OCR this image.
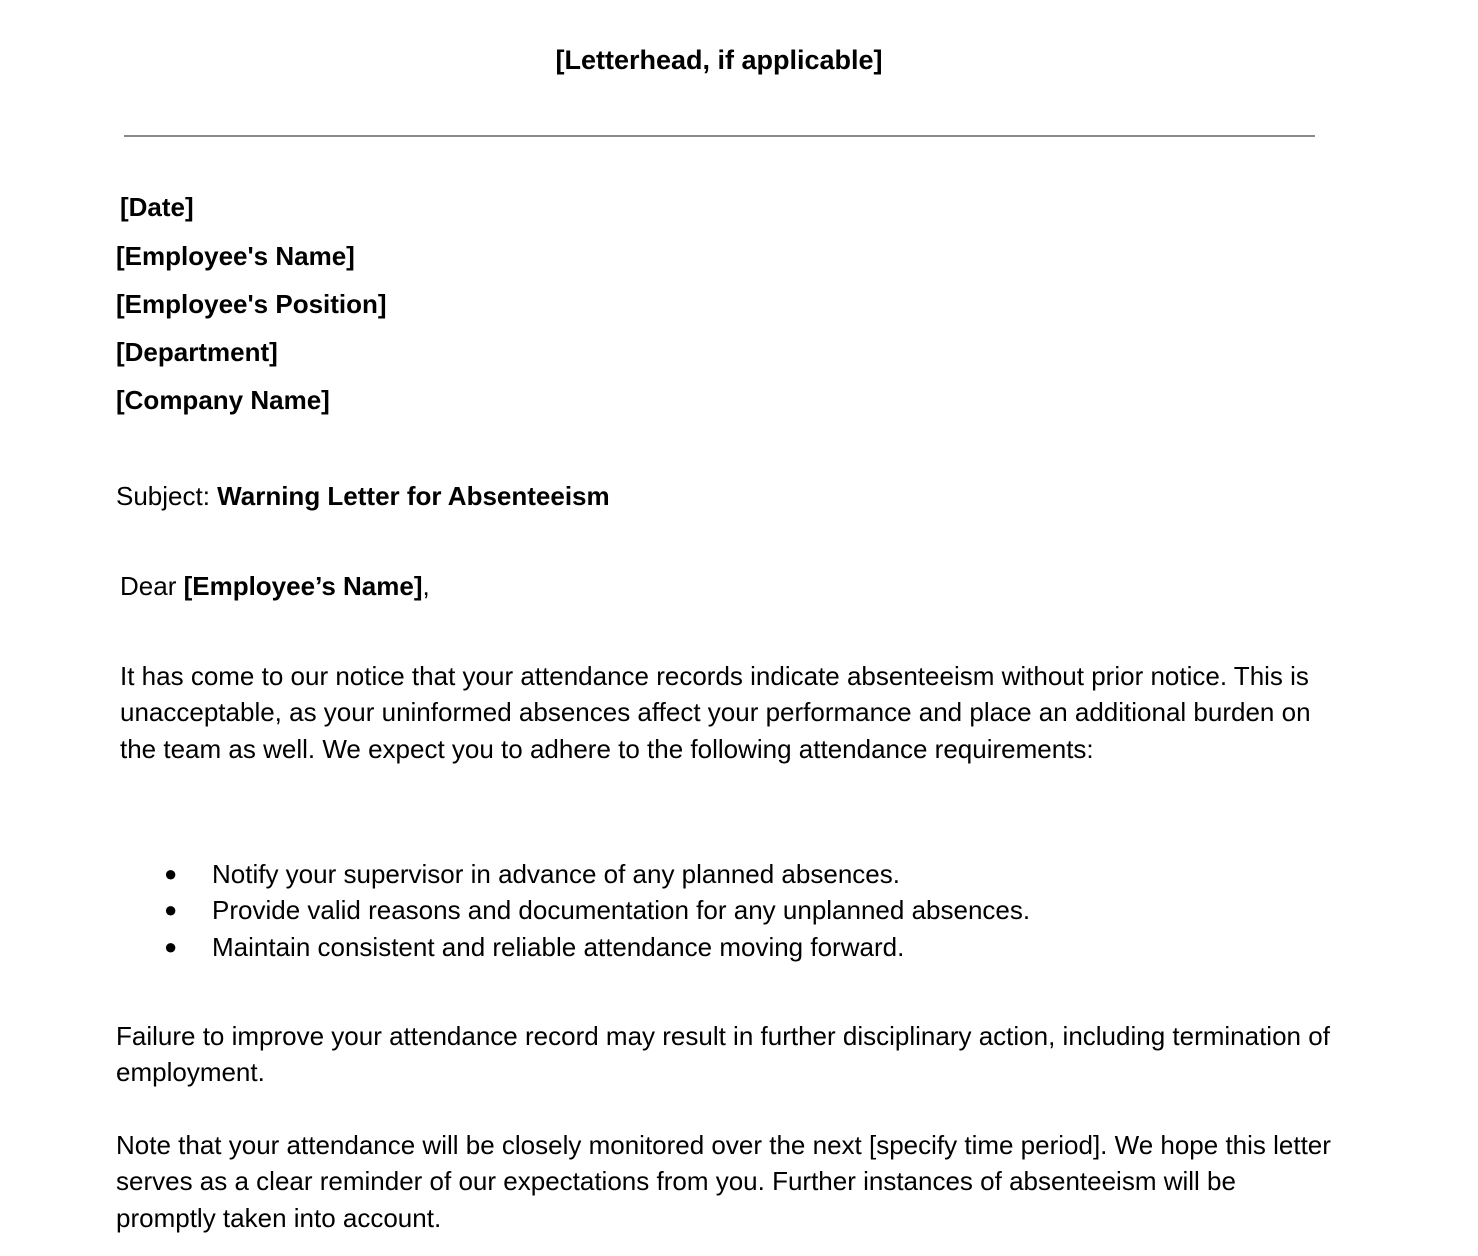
[Letterhead, if applicable]
[Date]
[Employee's Name]
[Employee's Position]
[Department]
[Company Name]
Subject: Warning Letter for Absenteeism
Dear [Employee’s Name],

It has come to our notice that your attendance records indicate absenteeism without prior notice. This is unacceptable, as your uninformed absences affect your performance and place an additional burden on the team as well. We expect you to adhere to the following attendance requirements:

● Notify your supervisor in advance of any planned absences.
● Provide valid reasons and documentation for any unplanned absences.
● Maintain consistent and reliable attendance moving forward.

Failure to improve your attendance record may result in further disciplinary action, including termination of employment.

Note that your attendance will be closely monitored over the next [specify time period]. We hope this letter serves as a clear reminder of our expectations from you. Further instances of absenteeism will be promptly taken into account.
